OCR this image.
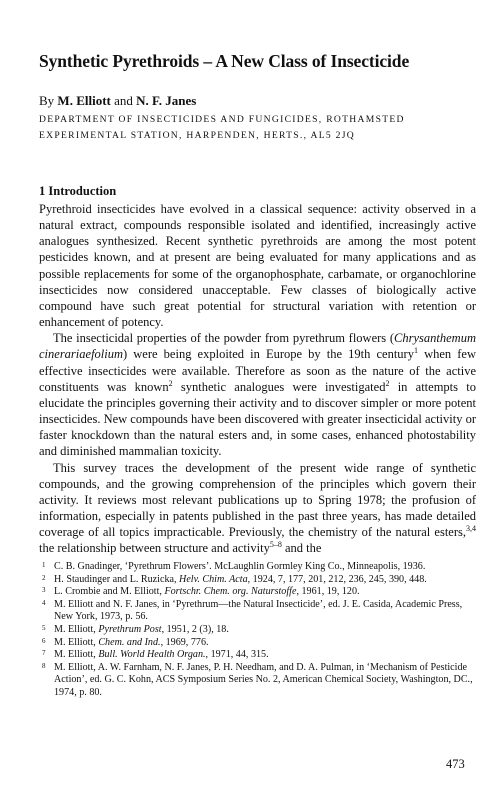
Synthetic Pyrethroids – A New Class of Insecticide
By M. Elliott and N. F. Janes
DEPARTMENT OF INSECTICIDES AND FUNGICIDES, ROTHAMSTED
EXPERIMENTAL STATION, HARPENDEN, HERTS., AL5 2JQ
1 Introduction

Pyrethroid insecticides have evolved in a classical sequence: activity observed in a natural extract, compounds responsible isolated and identified, increasingly active analogues synthesized. Recent synthetic pyrethroids are among the most potent pesticides known, and at present are being evaluated for many applications and as possible replacements for some of the organophosphate, carbamate, or organochlorine insecticides now considered unacceptable. Few classes of biologically active compound have such great potential for structural variation with retention or enhancement of potency.

The insecticidal properties of the powder from pyrethrum flowers (Chrysanthemum cinerariaefolium) were being exploited in Europe by the 19th century$^1$ when few effective insecticides were available. Therefore as soon as the nature of the active constituents was known$^2$ synthetic analogues were investigated$^2$ in attempts to elucidate the principles governing their activity and to discover simpler or more potent insecticides. New compounds have been discovered with greater insecticidal activity or faster knockdown than the natural esters and, in some cases, enhanced photostability and diminished mammalian toxicity.

This survey traces the development of the present wide range of synthetic compounds, and the growing comprehension of the principles which govern their activity. It reviews most relevant publications up to Spring 1978; the profusion of information, especially in patents published in the past three years, has made detailed coverage of all topics impracticable. Previously, the chemistry of the natural esters,$^{3,4}$ the relationship between structure and activity$^{5-8}$ and the

1 C. B. Gnadinger, ‘Pyrethrum Flowers’. McLaughlin Gormley King Co., Minneapolis, 1936.
2 H. Staudinger and L. Ruzicka, Helv. Chim. Acta, 1924, 7, 177, 201, 212, 236, 245, 390, 448.
3 L. Crombie and M. Elliott, Fortschr. Chem. org. Naturstoffe, 1961, 19, 120.
4 M. Elliott and N. F. Janes, in ‘Pyrethrum—the Natural Insecticide’, ed. J. E. Casida, Academic Press, New York, 1973, p. 56.
5 M. Elliott, Pyrethrum Post, 1951, 2 (3), 18.
6 M. Elliott, Chem. and Ind., 1969, 776.
7 M. Elliott, Bull. World Health Organ., 1971, 44, 315.
8 M. Elliott, A. W. Farnham, N. F. Janes, P. H. Needham, and D. A. Pulman, in ‘Mechanism of Pesticide Action’, ed. G. C. Kohn, ACS Symposium Series No. 2, American Chemical Society, Washington, DC., 1974, p. 80.
473
